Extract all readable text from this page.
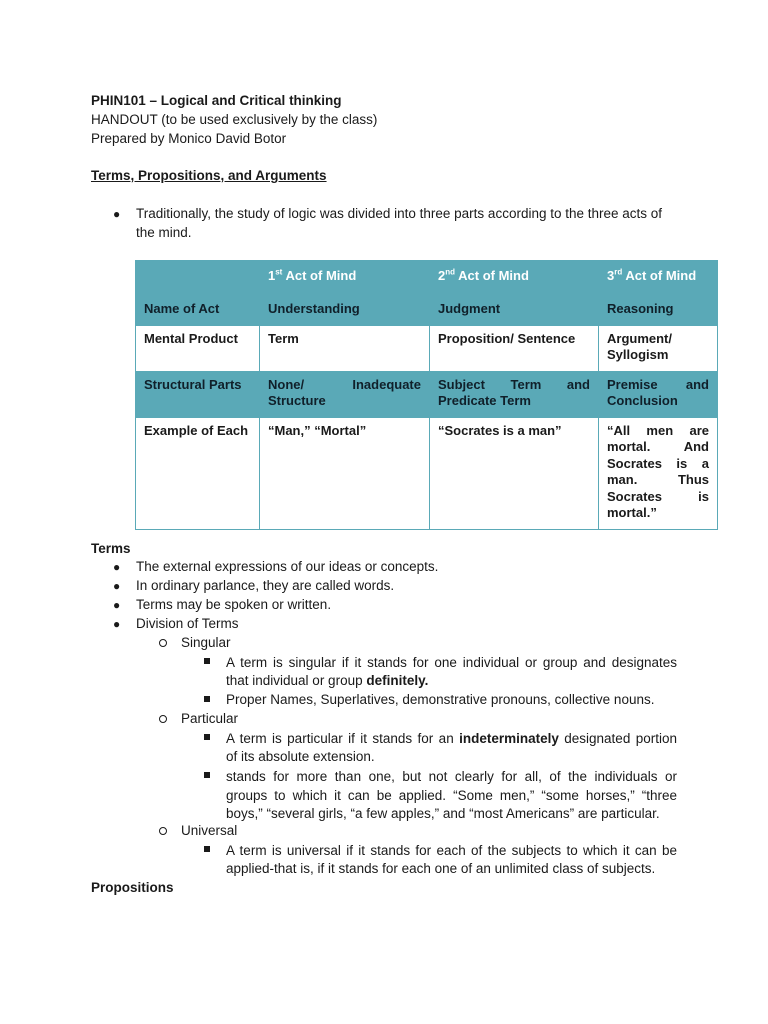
PHIN101 – Logical and Critical thinking
HANDOUT (to be used exclusively by the class)
Prepared by Monico David Botor
Terms, Propositions, and Arguments
● Traditionally, the study of logic was divided into three parts according to the three acts of
the mind.
	1st Act of Mind	2nd Act of Mind	3rd Act of Mind
Name of Act	Understanding	Judgment	Reasoning
Mental Product	Term	Proposition/ Sentence	Argument/ Syllogism
Structural Parts	None/ Inadequate Structure	Subject Term and Predicate Term	Premise and Conclusion
Example of Each	“Man,” “Mortal”	“Socrates is a man”	“All men are mortal. And Socrates is a man. Thus Socrates is mortal.”
Terms
● The external expressions of our ideas or concepts.
● In ordinary parlance, they are called words.
● Terms may be spoken or written.
● Division of Terms
Singular
A term is singular if it stands for one individual or group and designates
that individual or group definitely.
Proper Names, Superlatives, demonstrative pronouns, collective nouns.
Particular
A term is particular if it stands for an indeterminately designated portion
of its absolute extension.
stands for more than one, but not clearly for all, of the individuals or
groups to which it can be applied. “Some men,” “some horses,” “three
boys,” “several girls, “a few apples,” and “most Americans” are particular.
Universal
A term is universal if it stands for each of the subjects to which it can be
applied-that is, if it stands for each one of an unlimited class of subjects.
Propositions
